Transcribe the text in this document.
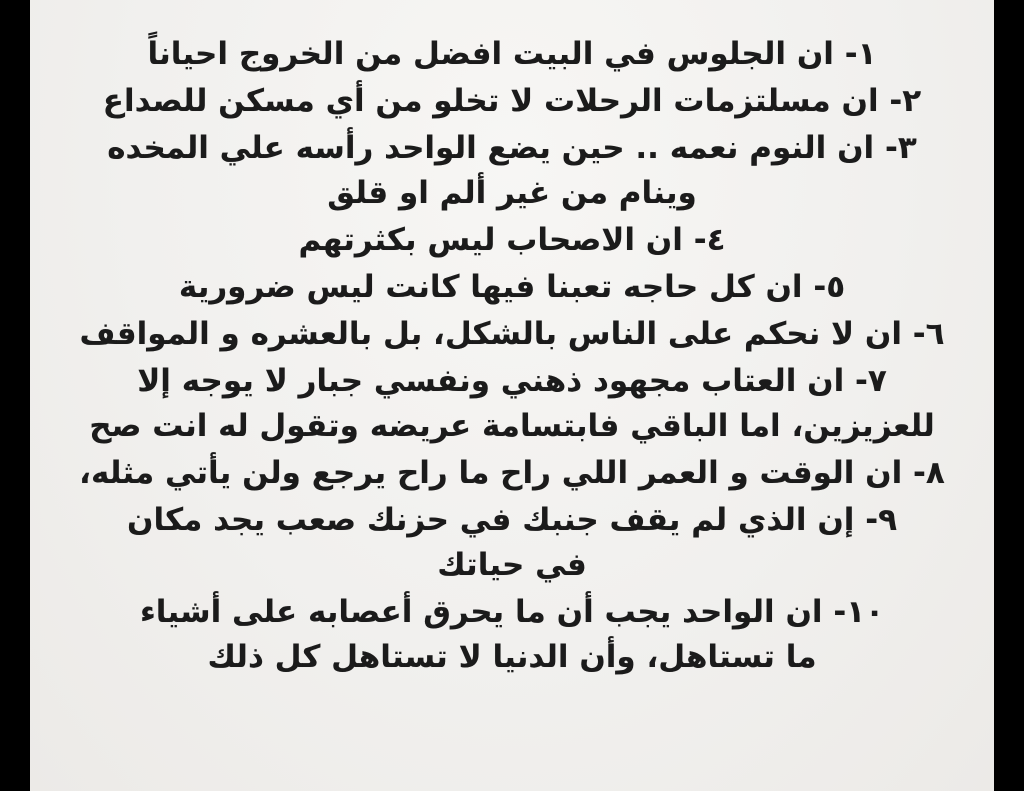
١- ان الجلوس في البيت افضل من الخروج احياناً
٢- ان مسلتزمات الرحلات لا تخلو من أي مسكن للصداع
٣- ان النوم نعمه .. حين يضع الواحد رأسه علي المخده
وينام من غير ألم او قلق
٤- ان الاصحاب ليس بكثرتهم
٥- ان كل حاجه تعبنا فيها كانت ليس ضرورية
٦- ان لا نحكم على الناس بالشكل، بل بالعشره و المواقف
٧- ان العتاب مجهود ذهني ونفسي جبار لا يوجه إلا
للعزيزين، اما الباقي فابتسامة عريضه وتقول له انت صح
٨- ان الوقت و العمر اللي راح ما راح يرجع ولن يأتي مثله،
٩- إن الذي لم يقف جنبك في حزنك صعب يجد مكان
في حياتك
١٠- ان الواحد يجب أن ما يحرق أعصابه على أشياء
ما تستاهل، وأن الدنيا لا تستاهل كل ذلك
